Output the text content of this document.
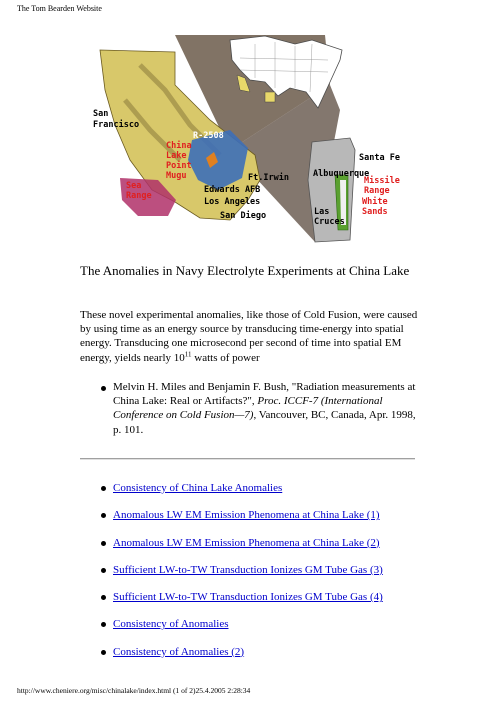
The Tom Bearden Website
San
Francisco
R-2508
China
Lake
Point
Mugu	Ft.Irwin
Edwards AFB
Los Angeles
San Diego
Sea
Range
Santa Fe
Albuquerque
Missile
Range
White
Sands
Las
Cruces
The Anomalies in Navy Electrolyte Experiments at China Lake

These novel experimental anomalies, like those of Cold Fusion, were caused by using time as an energy source by transducing time-energy into spatial energy. Transducing one microsecond per second of time into spatial EM energy, yields nearly $10^{11}$ watts of power

Melvin H. Miles and Benjamin F. Bush, "Radiation measurements at China Lake: Real or Artifacts?", Proc. ICCF-7 (International Conference on Cold Fusion—7), Vancouver, BC, Canada, Apr. 1998, p. 101.
Consistency of China Lake Anomalies
Anomalous LW EM Emission Phenomena at China Lake (1)
Anomalous LW EM Emission Phenomena at China Lake (2)
Sufficient LW-to-TW Transduction Ionizes GM Tube Gas (3)
Sufficient LW-to-TW Transduction Ionizes GM Tube Gas (4)
Consistency of Anomalies
Consistency of Anomalies (2)
http://www.cheniere.org/misc/chinalake/index.html (1 of 2)25.4.2005 2:28:34
